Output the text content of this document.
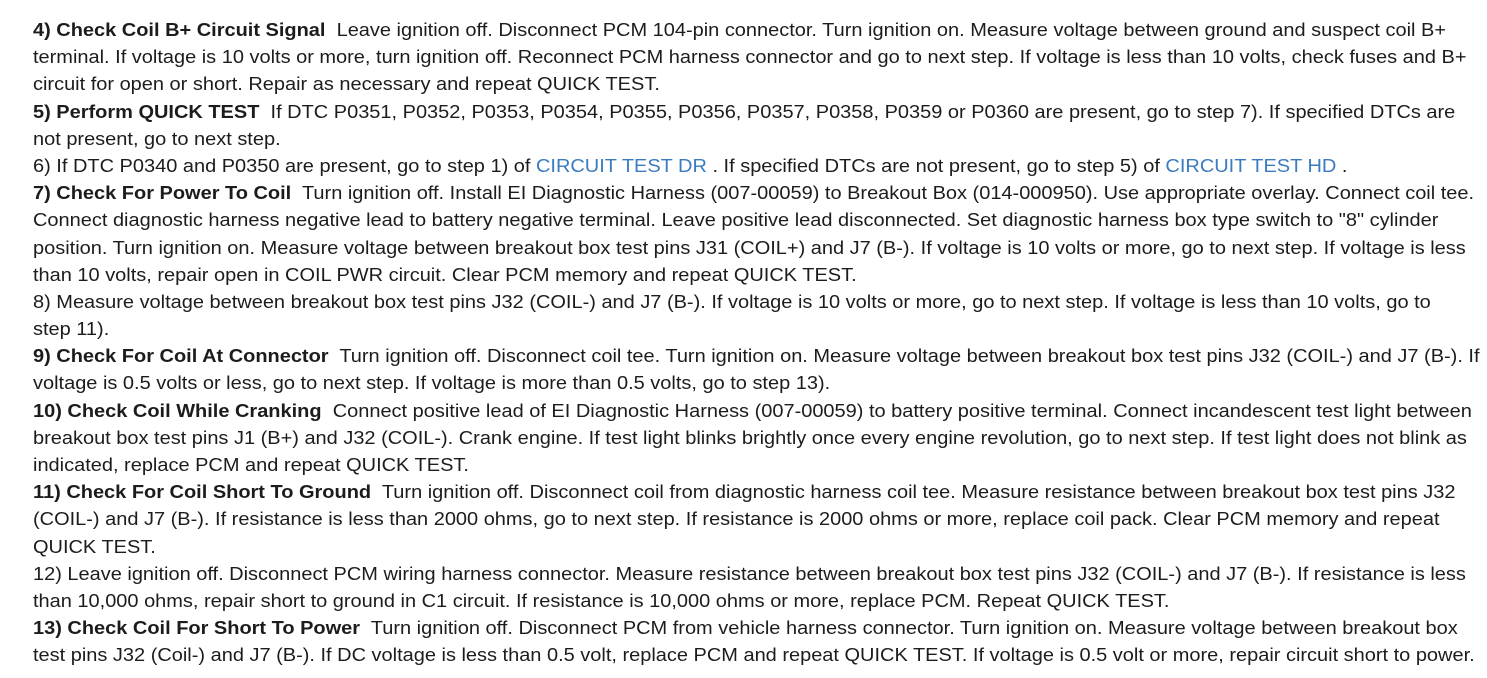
4) Check Coil B+ Circuit Signal Leave ignition off. Disconnect PCM 104-pin connector. Turn ignition on. Measure voltage between ground and suspect coil B+
terminal. If voltage is 10 volts or more, turn ignition off. Reconnect PCM harness connector and go to next step. If voltage is less than 10 volts, check fuses and B+
circuit for open or short. Repair as necessary and repeat QUICK TEST.
5) Perform QUICK TEST If DTC P0351, P0352, P0353, P0354, P0355, P0356, P0357, P0358, P0359 or P0360 are present, go to step 7). If specified DTCs are
not present, go to next step.
6) If DTC P0340 and P0350 are present, go to step 1) of CIRCUIT TEST DR . If specified DTCs are not present, go to step 5) of CIRCUIT TEST HD .
7) Check For Power To Coil Turn ignition off. Install EI Diagnostic Harness (007-00059) to Breakout Box (014-000950). Use appropriate overlay. Connect coil tee.
Connect diagnostic harness negative lead to battery negative terminal. Leave positive lead disconnected. Set diagnostic harness box type switch to "8" cylinder
position. Turn ignition on. Measure voltage between breakout box test pins J31 (COIL+) and J7 (B-). If voltage is 10 volts or more, go to next step. If voltage is less
than 10 volts, repair open in COIL PWR circuit. Clear PCM memory and repeat QUICK TEST.
8) Measure voltage between breakout box test pins J32 (COIL-) and J7 (B-). If voltage is 10 volts or more, go to next step. If voltage is less than 10 volts, go to
step 11).
9) Check For Coil At Connector Turn ignition off. Disconnect coil tee. Turn ignition on. Measure voltage between breakout box test pins J32 (COIL-) and J7 (B-). If
voltage is 0.5 volts or less, go to next step. If voltage is more than 0.5 volts, go to step 13).
10) Check Coil While Cranking Connect positive lead of EI Diagnostic Harness (007-00059) to battery positive terminal. Connect incandescent test light between
breakout box test pins J1 (B+) and J32 (COIL-). Crank engine. If test light blinks brightly once every engine revolution, go to next step. If test light does not blink as
indicated, replace PCM and repeat QUICK TEST.
11) Check For Coil Short To Ground Turn ignition off. Disconnect coil from diagnostic harness coil tee. Measure resistance between breakout box test pins J32
(COIL-) and J7 (B-). If resistance is less than 2000 ohms, go to next step. If resistance is 2000 ohms or more, replace coil pack. Clear PCM memory and repeat
QUICK TEST.
12) Leave ignition off. Disconnect PCM wiring harness connector. Measure resistance between breakout box test pins J32 (COIL-) and J7 (B-). If resistance is less
than 10,000 ohms, repair short to ground in C1 circuit. If resistance is 10,000 ohms or more, replace PCM. Repeat QUICK TEST.
13) Check Coil For Short To Power Turn ignition off. Disconnect PCM from vehicle harness connector. Turn ignition on. Measure voltage between breakout box
test pins J32 (Coil-) and J7 (B-). If DC voltage is less than 0.5 volt, replace PCM and repeat QUICK TEST. If voltage is 0.5 volt or more, repair circuit short to power.
